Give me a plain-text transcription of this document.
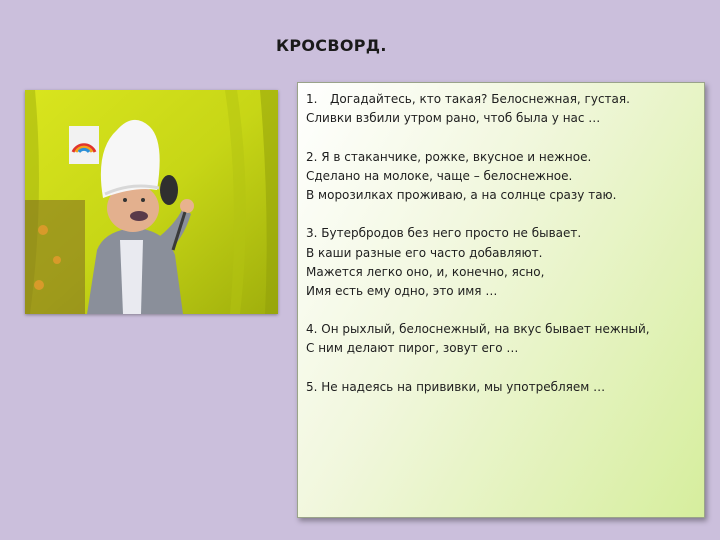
КРОСВОРД.
1. Догадайтесь, кто такая? Белоснежная, густая.
Сливки взбили утром рано, чтоб была у нас …
2. Я в стаканчике, рожке, вкусное и нежное.
Сделано на молоке, чаще – белоснежное.
В морозилках проживаю, а на солнце сразу таю.
3. Бутербродов без него просто не бывает.
В каши разные его часто добавляют.
Мажется легко оно, и, конечно, ясно,
Имя есть ему одно, это имя …
4. Он рыхлый, белоснежный, на вкус бывает нежный,
С ним делают пирог, зовут его …
5. Не надеясь на прививки, мы употребляем …
